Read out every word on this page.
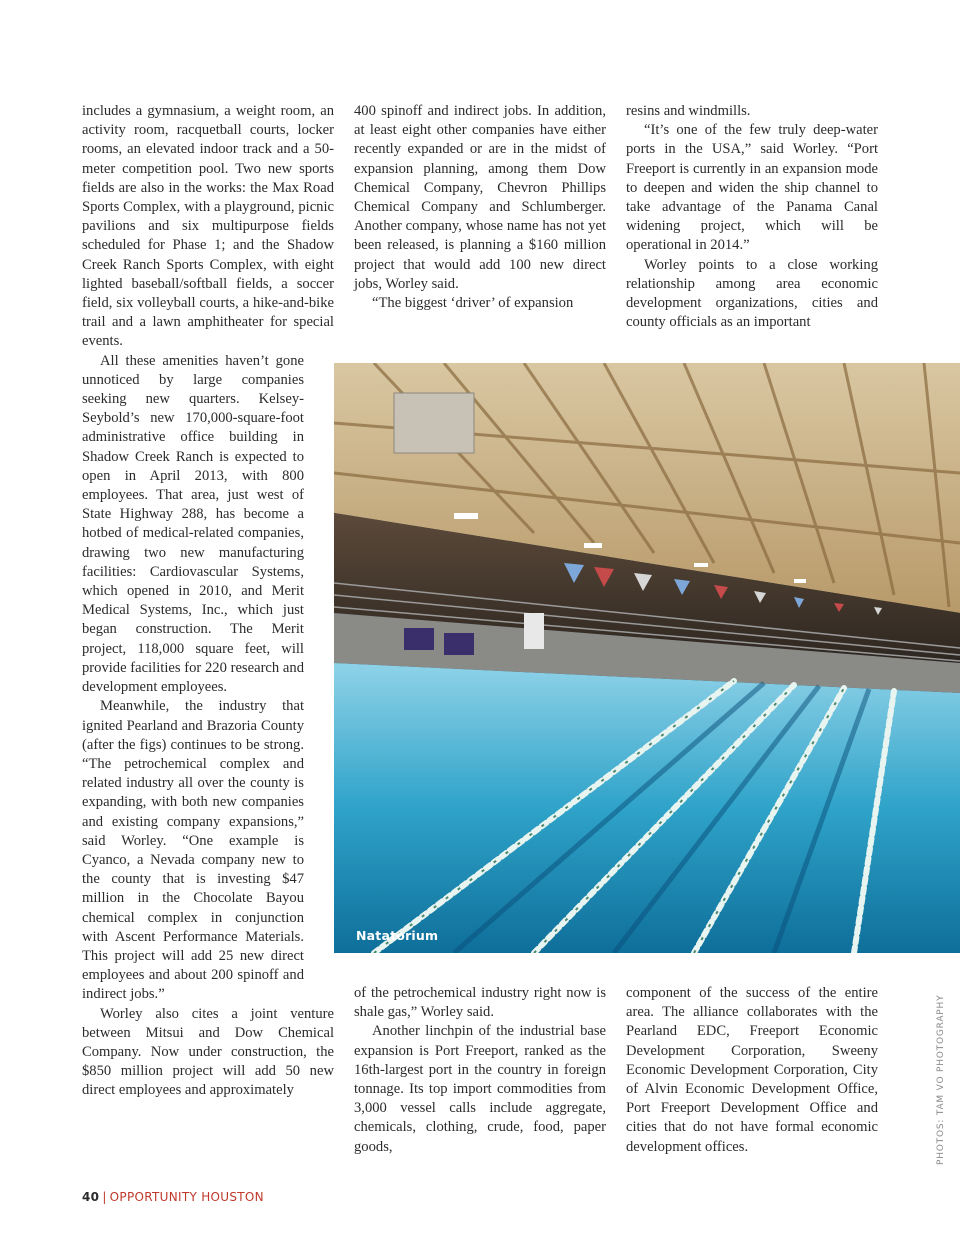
includes a gymnasium, a weight room, an activity room, racquetball courts, locker rooms, an elevated indoor track and a 50-meter competition pool. Two new sports fields are also in the works: the Max Road Sports Complex, with a playground, picnic pavilions and six multipurpose fields scheduled for Phase 1; and the Shadow Creek Ranch Sports Complex, with eight lighted baseball/softball fields, a soccer field, six volleyball courts, a hike-and-bike trail and a lawn amphitheater for special events.

All these amenities haven’t gone unnoticed by large companies seeking new quarters. Kelsey-Seybold’s new 170,000-square-foot administrative office building in Shadow Creek Ranch is expected to open in April 2013, with 800 employees. That area, just west of State Highway 288, has become a hotbed of medical-related companies, drawing two new manufacturing facilities: Cardiovascular Systems, which opened in 2010, and Merit Medical Systems, Inc., which just began construction. The Merit project, 118,000 square feet, will provide facilities for 220 research and development employees.

Meanwhile, the industry that ignited Pearland and Brazoria County (after the figs) continues to be strong. “The petrochemical complex and related industry all over the county is expanding, with both new companies and existing company expansions,” said Worley. “One example is Cyanco, a Nevada company new to the county that is investing $47 million in the Chocolate Bayou chemical complex in conjunction with Ascent Performance Materials. This project will add 25 new direct employees and about 200 spinoff and indirect jobs.”

Worley also cites a joint venture between Mitsui and Dow Chemical Company. Now under construction, the $850 million project will add 50 new direct employees and approximately

400 spinoff and indirect jobs. In addition, at least eight other companies have either recently expanded or are in the midst of expansion planning, among them Dow Chemical Company, Chevron Phillips Chemical Company and Schlumberger. Another company, whose name has not yet been released, is planning a $160 million project that would add 100 new direct jobs, Worley said.

“The biggest ‘driver’ of expansion

resins and windmills.

“It’s one of the few truly deep-water ports in the USA,” said Worley. “Port Freeport is currently in an expansion mode to deepen and widen the ship channel to take advantage of the Panama Canal widening project, which will be operational in 2014.”

Worley points to a close working relationship among area economic development organizations, cities and county officials as an important

Natatorium

of the petrochemical industry right now is shale gas,” Worley said.

Another linchpin of the industrial base expansion is Port Freeport, ranked as the 16th-largest port in the country in foreign tonnage. Its top import commodities from 3,000 vessel calls include aggregate, chemicals, clothing, crude, food, paper goods,

component of the success of the entire area. The alliance collaborates with the Pearland EDC, Freeport Economic Development Corporation, Sweeny Economic Development Corporation, City of Alvin Economic Development Office, Port Freeport Development Office and cities that do not have formal economic development offices.	PHOTOS: TAM VO PHOTOGRAPHY
40 | OPPORTUNITY HOUSTON
